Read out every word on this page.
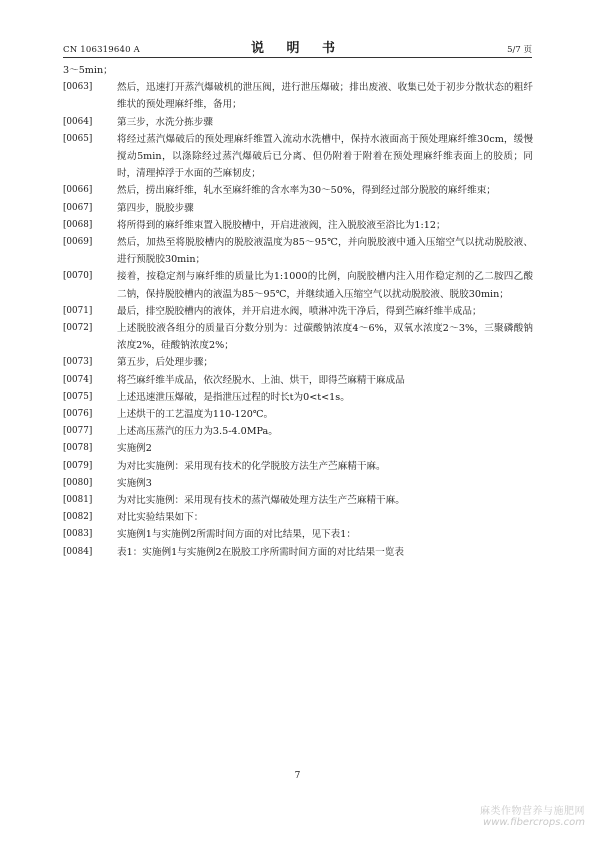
CN 106319640 A	说 明 书	5/7 页
3～5min；
[0063]	然后，迅速打开蒸汽爆破机的泄压阀，进行泄压爆破；排出废液、收集已处于初步分散状态的粗纤维状的预处理麻纤维，备用；
[0064]	第三步，水洗分拣步骤
[0065]	将经过蒸汽爆破后的预处理麻纤维置入流动水洗槽中，保持水液面高于预处理麻纤维30cm，缓慢搅动5min，以涤除经过蒸汽爆破后已分离、但仍附着于附着在预处理麻纤维表面上的胶质；同时，清理掉浮于水面的苎麻韧皮；
[0066]	然后，捞出麻纤维，轧水至麻纤维的含水率为30～50%，得到经过部分脱胶的麻纤维束；
[0067]	第四步，脱胶步骤
[0068]	将所得到的麻纤维束置入脱胶槽中，开启进液阀，注入脱胶液至浴比为1:12；
[0069]	然后，加热至将脱胶槽内的脱胶液温度为85～95℃，并向脱胶液中通入压缩空气以扰动脱胶液、进行预脱胶30min；
[0070]	接着，按稳定剂与麻纤维的质量比为1:1000的比例，向脱胶槽内注入用作稳定剂的乙二胺四乙酸二钠，保持脱胶槽内的液温为85～95℃，并继续通入压缩空气以扰动脱胶液、脱胶30min；
[0071]	最后，排空脱胶槽内的液体，并开启进水阀，喷淋冲洗干净后，得到苎麻纤维半成品；
[0072]	上述脱胶液各组分的质量百分数分别为：过碳酸钠浓度4～6%，双氧水浓度2～3%，三聚磷酸钠浓度2%，硅酸钠浓度2%；
[0073]	第五步，后处理步骤；
[0074]	将苎麻纤维半成品，依次经脱水、上油、烘干，即得苎麻精干麻成品
[0075]	上述迅速泄压爆破，是指泄压过程的时长t为0<t<1s。
[0076]	上述烘干的工艺温度为110-120℃。
[0077]	上述高压蒸汽的压力为3.5-4.0MPa。
[0078]	实施例2
[0079]	为对比实施例：采用现有技术的化学脱胶方法生产苎麻精干麻。
[0080]	实施例3
[0081]	为对比实施例：采用现有技术的蒸汽爆破处理方法生产苎麻精干麻。
[0082]	对比实验结果如下：
[0083]	实施例1与实施例2所需时间方面的对比结果，见下表1：
[0084]	表1：实施例1与实施例2在脱胶工序所需时间方面的对比结果一览表
7
麻类作物营养与施肥网
www.fibercrops.com
